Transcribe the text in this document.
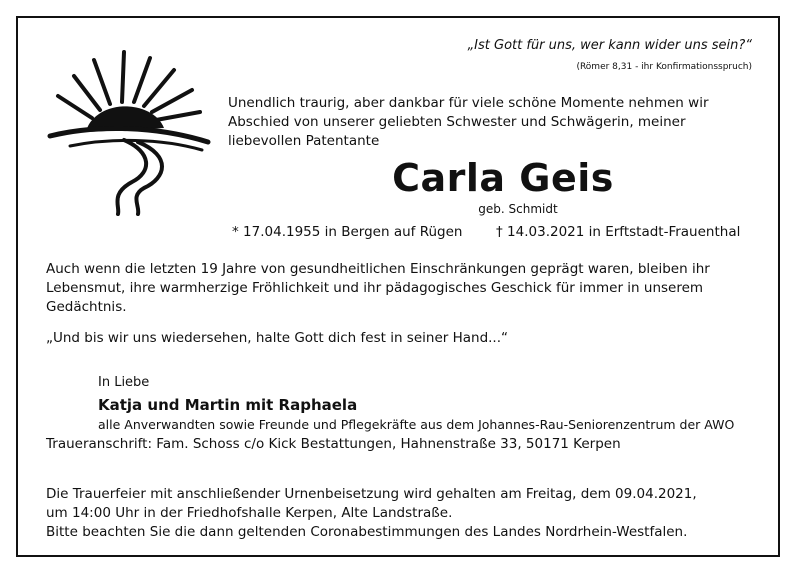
„Ist Gott für uns, wer kann wider uns sein?“
(Römer 8,31 - ihr Konfirmationsspruch)
Unendlich traurig, aber dankbar für viele schöne Momente nehmen wir Abschied von unserer geliebten Schwester und Schwägerin, meiner liebevollen Patentante
Carla Geis
geb. Schmidt
* 17.04.1955 in Bergen auf Rügen † 14.03.2021 in Erftstadt-Frauenthal
Auch wenn die letzten 19 Jahre von gesundheitlichen Einschränkungen geprägt waren, bleiben ihr Lebensmut, ihre warmherzige Fröhlichkeit und ihr pädagogisches Geschick für immer in unserem Gedächtnis.
„Und bis wir uns wiedersehen, halte Gott dich fest in seiner Hand...“
In Liebe
Katja und Martin mit Raphaela
alle Anverwandten sowie Freunde und Pflegekräfte aus dem Johannes-Rau-Seniorenzentrum der AWO
Traueranschrift: Fam. Schoss c/o Kick Bestattungen, Hahnenstraße 33, 50171 Kerpen
Die Trauerfeier mit anschließender Urnenbeisetzung wird gehalten am Freitag, dem 09.04.2021,
um 14:00 Uhr in der Friedhofshalle Kerpen, Alte Landstraße.
Bitte beachten Sie die dann geltenden Coronabestimmungen des Landes Nordrhein-Westfalen.
